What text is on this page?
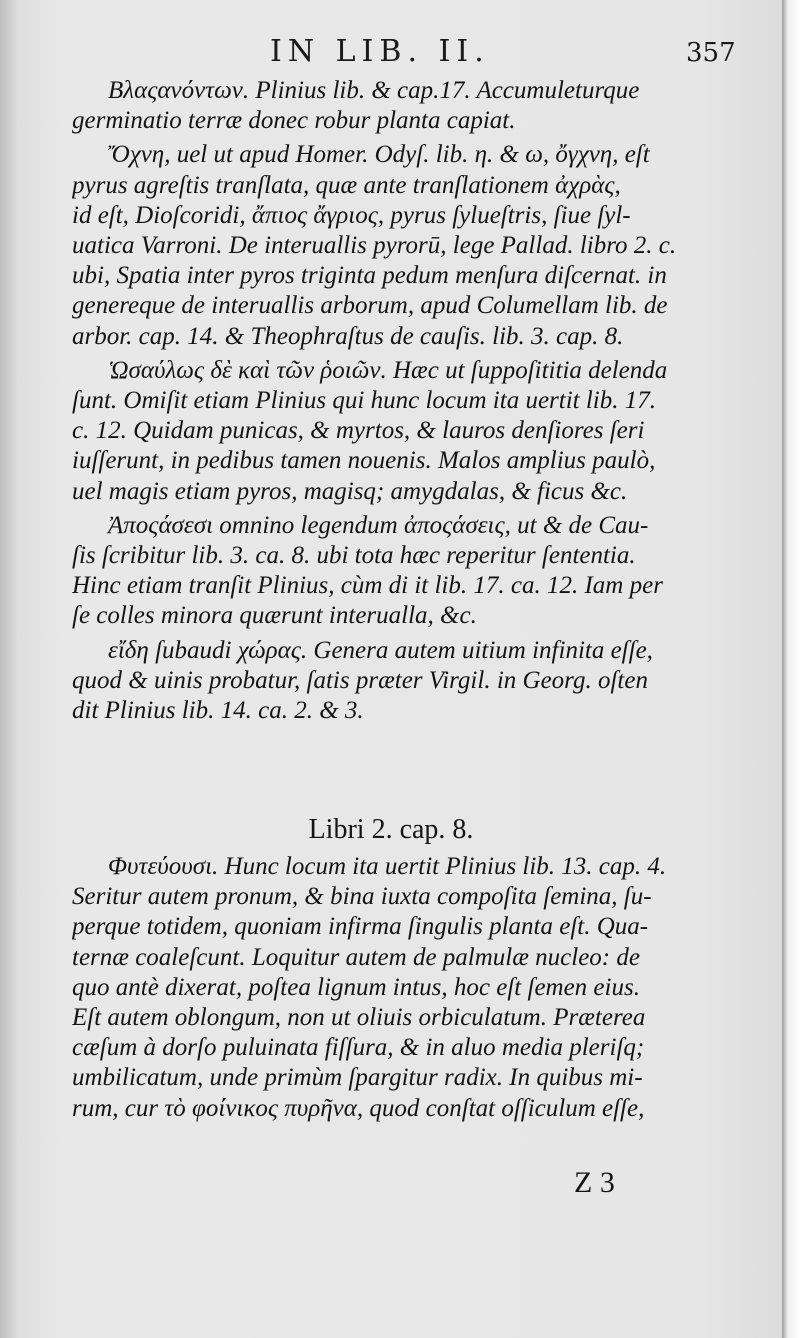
IN LIB. II.	357

Βλαςανόντων. Plinius lib. & cap.17. Accumuleturque
germinatio terræ donec robur planta capiat.

Ὄχνη, uel ut apud Homer. Odyſ. lib. η. & ω, ὄγχνη, eſt
pyrus agreſtis tranſlata, quæ ante tranſlationem ἀχρὰς,
id eſt, Dioſcoridi, ἄπιος ἄγριος, pyrus ſylueſtris, ſiue ſyl-
uatica Varroni. De interuallis pyrorū, lege Pallad. libro 2. c.
ubi, Spatia inter pyros triginta pedum menſura diſcernat. in
genereque de interuallis arborum, apud Columellam lib. de
arbor. cap. 14. & Theophraſtus de cauſis. lib. 3. cap. 8.

Ὡσαύλως δὲ καὶ τῶν ῥοιῶν. Hæc ut ſuppoſititia delenda
ſunt. Omiſit etiam Plinius qui hunc locum ita uertit lib. 17.
c. 12. Quidam punicas, & myrtos, & lauros denſiores ſeri
iuſſerunt, in pedibus tamen nouenis. Malos amplius paulò,
uel magis etiam pyros, magisq; amygdalas, & ficus &c.

Ἀποςάσεσι omnino legendum ἀποςάσεις, ut & de Cau-
ſis ſcribitur lib. 3. ca. 8. ubi tota hæc reperitur ſententia.
Hinc etiam tranſit Plinius, cùm di it lib. 17. ca. 12. Iam per
ſe colles minora quærunt interualla, &c.

εἴδη ſubaudi χώρας. Genera autem uitium infinita eſſe,
quod & uinis probatur, ſatis præter Virgil. in Georg. oſten
dit Plinius lib. 14. ca. 2. & 3.

Libri 2. cap. 8.

Φυτεύουσι. Hunc locum ita uertit Plinius lib. 13. cap. 4.
Seritur autem pronum, & bina iuxta compoſita ſemina, ſu-
perque totidem, quoniam infirma ſingulis planta eſt. Qua-
ternæ coaleſcunt. Loquitur autem de palmulæ nucleo: de
quo antè dixerat, poſtea lignum intus, hoc eſt ſemen eius.
Eſt autem oblongum, non ut oliuis orbiculatum. Præterea
cæſum à dorſo puluinata fiſſura, & in aluo media pleriſq;
umbilicatum, unde primùm ſpargitur radix. In quibus mi-
rum, cur τὸ φοίνικος πυρῆνα, quod conſtat oſſiculum eſſe,

Z 3
